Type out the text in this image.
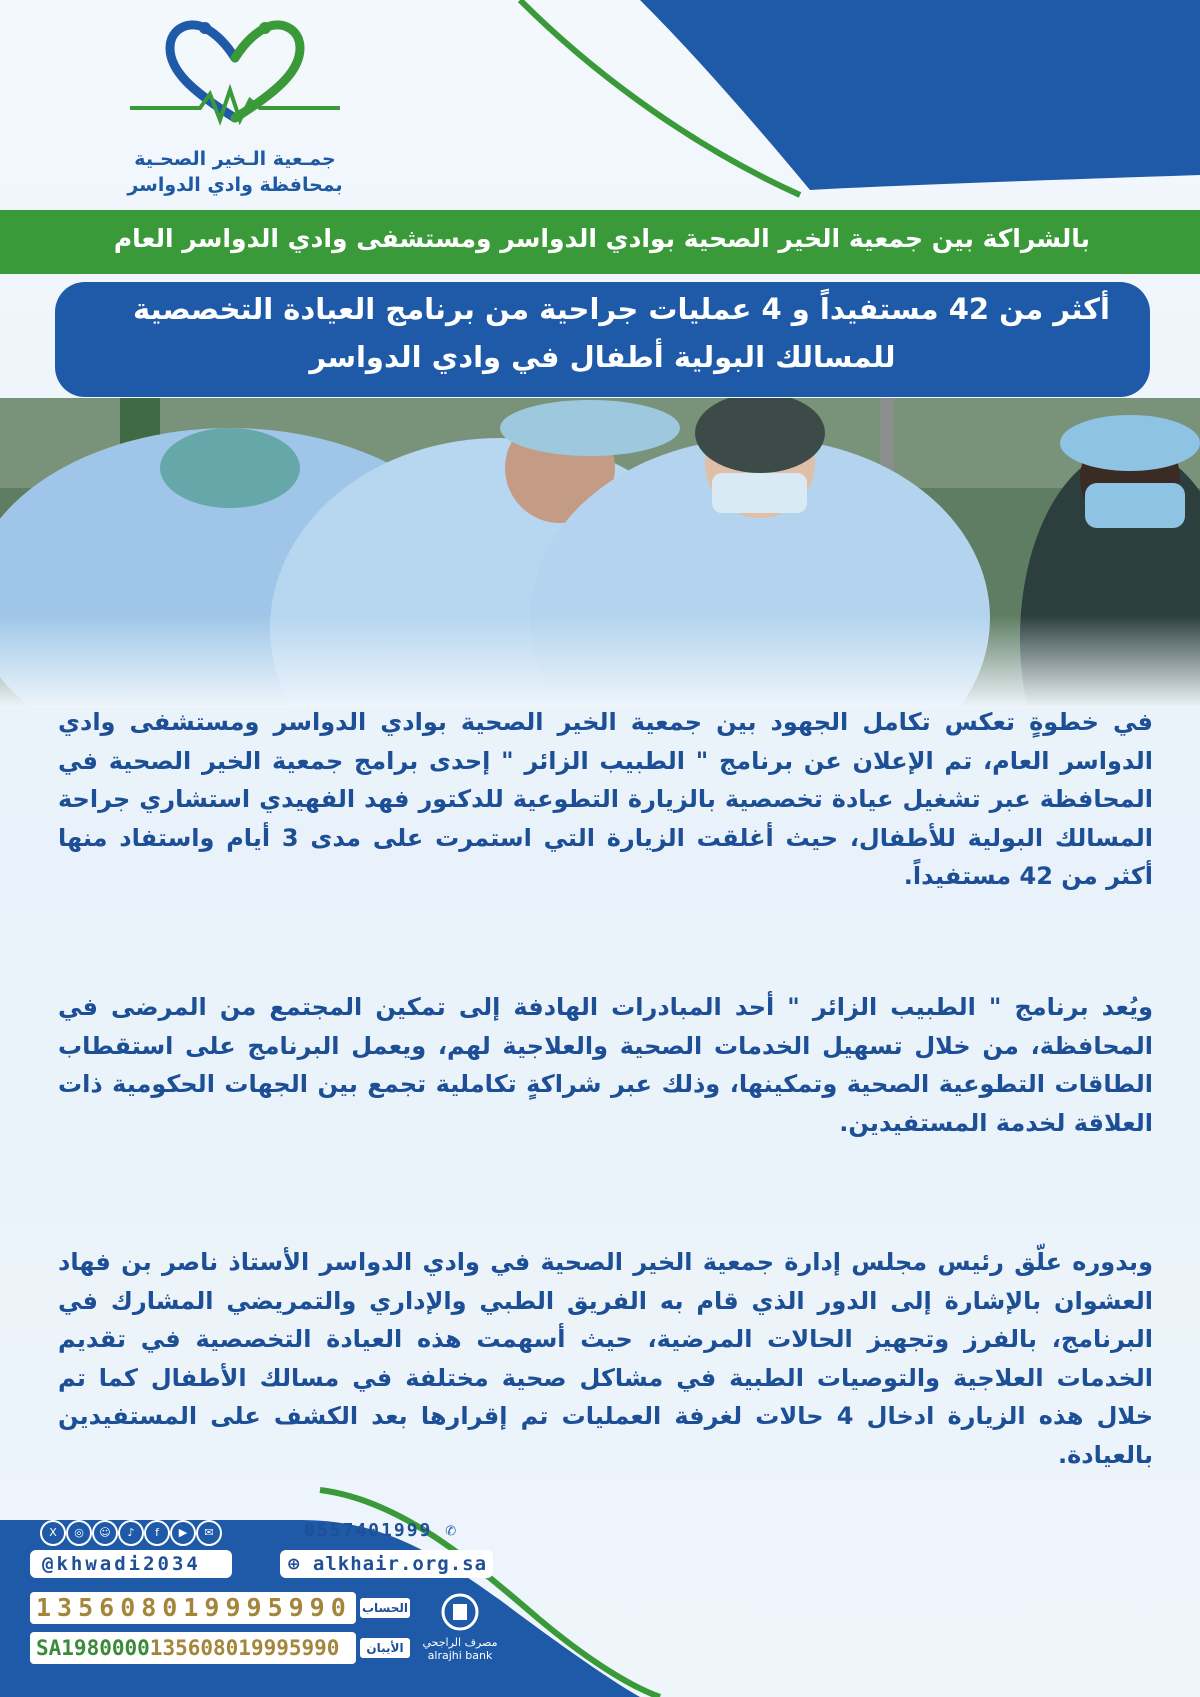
جمـعية الـخير الصحـية
بمحافظة وادي الدواسر
بالشراكة بين جمعية الخير الصحية بوادي الدواسر ومستشفى وادي الدواسر العام
أكثر من 42 مستفيداً و 4 عمليات جراحية من برنامج العيادة التخصصية
للمسالك البولية أطفال في وادي الدواسر

في خطوةٍ تعكس تكامل الجهود بين جمعية الخير الصحية بوادي الدواسر ومستشفى وادي الدواسر العام، تم الإعلان عن برنامج " الطبيب الزائر " إحدى برامج جمعية الخير الصحية في المحافظة عبر تشغيل عيادة تخصصية بالزيارة التطوعية للدكتور فهد الفهيدي استشاري جراحة المسالك البولية للأطفال، حيث أغلقت الزيارة التي استمرت على مدى 3 أيام واستفاد منها أكثر من 42 مستفيداً.

ويُعد برنامج " الطبيب الزائر " أحد المبادرات الهادفة إلى تمكين المجتمع من المرضى في المحافظة، من خلال تسهيل الخدمات الصحية والعلاجية لهم، ويعمل البرنامج على استقطاب الطاقات التطوعية الصحية وتمكينها، وذلك عبر شراكةٍ تكاملية تجمع بين الجهات الحكومية ذات العلاقة لخدمة المستفيدين.

وبدوره علّق رئيس مجلس إدارة جمعية الخير الصحية في وادي الدواسر الأستاذ ناصر بن فهاد العشوان بالإشارة إلى الدور الذي قام به الفريق الطبي والإداري والتمريضي المشارك في البرنامج، بالفرز وتجهيز الحالات المرضية، حيث أسهمت هذه العيادة التخصصية في تقديم الخدمات العلاجية والتوصيات الطبية في مشاكل صحية مختلفة في مسالك الأطفال كما تم خلال هذه الزيارة ادخال 4 حالات لغرفة العمليات تم إقرارها بعد الكشف على المستفيدين بالعيادة.

X	◎	☺	♪	f	▶	✉	0557401999 ✆
@khwadi2034	⊕ alkhair.org.sa
135608019995990 الحساب
SA1980000135608019995990	الأيبان	مصرف الراجحي
alrajhi bank
